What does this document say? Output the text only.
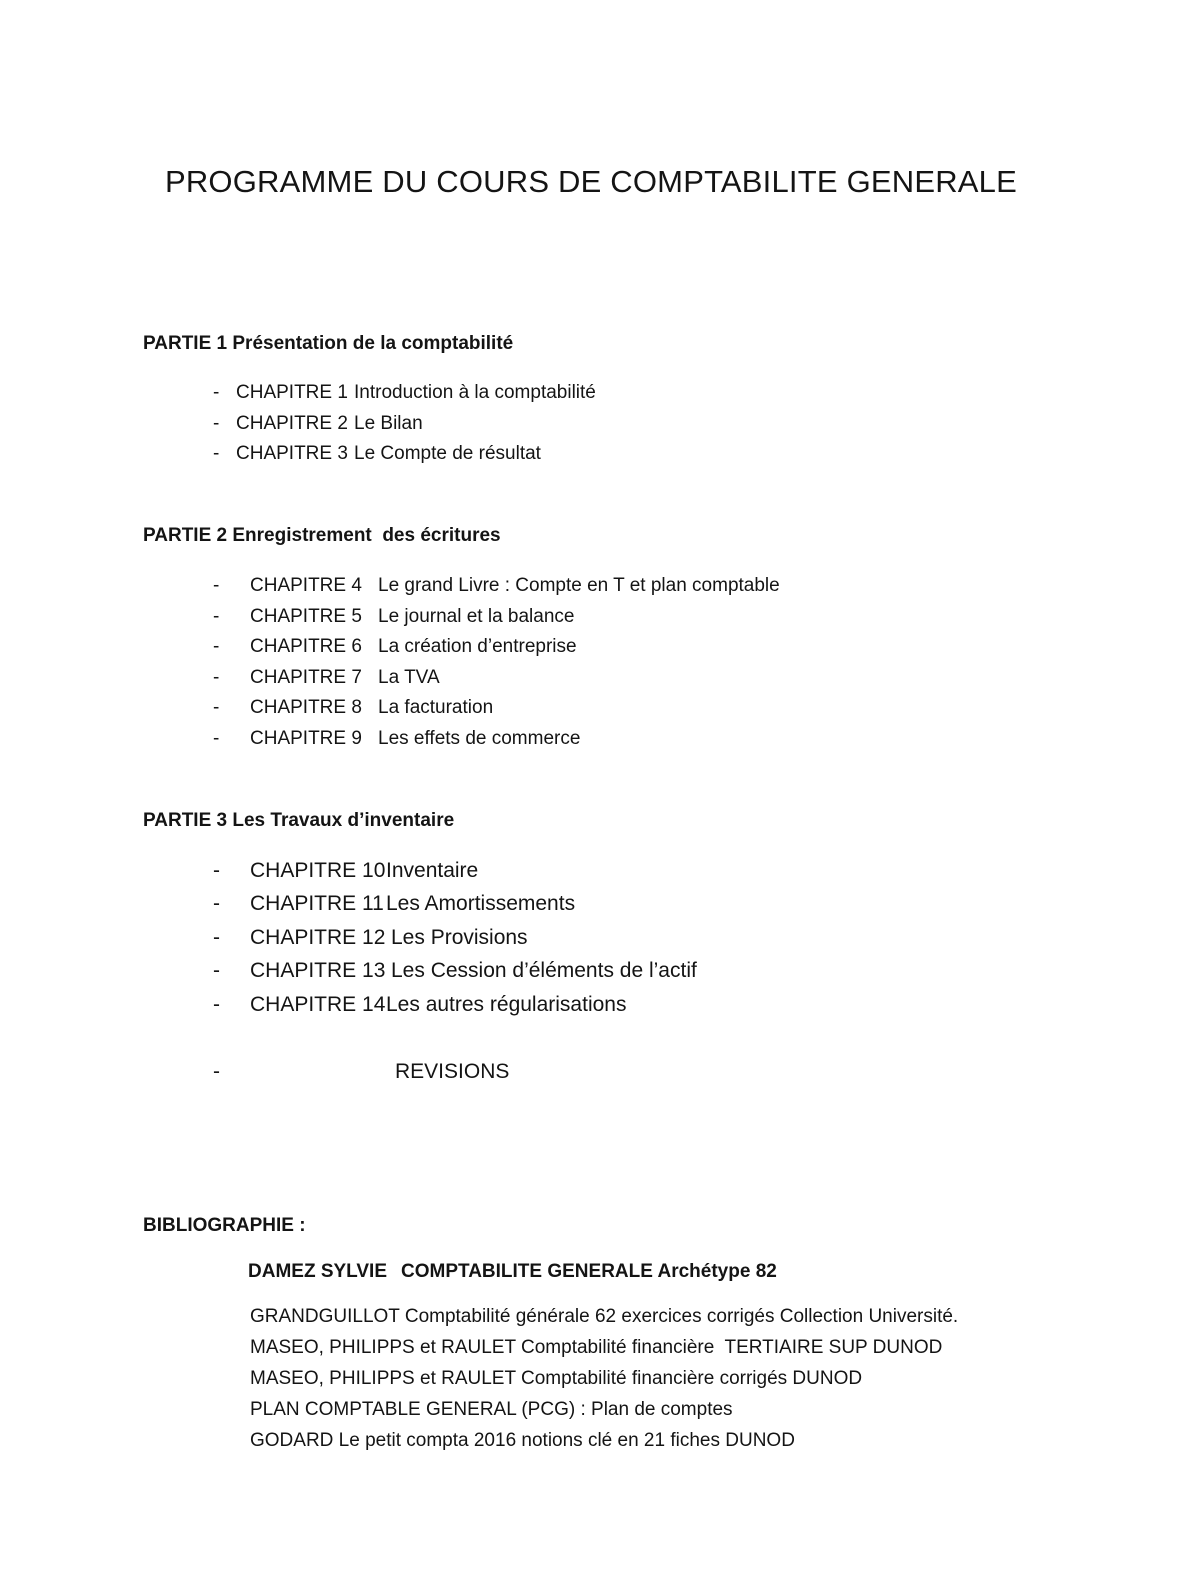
PROGRAMME DU COURS DE COMPTABILITE GENERALE
PARTIE 1 Présentation de la comptabilité
- CHAPITRE 1 Introduction à la comptabilité
- CHAPITRE 2 Le Bilan
- CHAPITRE 3 Le Compte de résultat
PARTIE 2 Enregistrement  des écritures
- CHAPITRE 4 Le grand Livre : Compte en T et plan comptable
- CHAPITRE 5 Le journal et la balance
- CHAPITRE 6 La création d’entreprise
- CHAPITRE 7 La TVA
- CHAPITRE 8 La facturation
- CHAPITRE 9 Les effets de commerce
PARTIE 3 Les Travaux d’inventaire
- CHAPITRE 10 Inventaire
- CHAPITRE 11 Les Amortissements
- CHAPITRE 12 Les Provisions
- CHAPITRE 13 Les Cession d’éléments de l’actif
- CHAPITRE 14 Les autres régularisations
-	REVISIONS
BIBLIOGRAPHIE :
DAMEZ SYLVIE COMPTABILITE GENERALE Archétype 82
GRANDGUILLOT Comptabilité générale 62 exercices corrigés Collection Université.
MASEO, PHILIPPS et RAULET Comptabilité financière  TERTIAIRE SUP DUNOD
MASEO, PHILIPPS et RAULET Comptabilité financière corrigés DUNOD
PLAN COMPTABLE GENERAL (PCG) : Plan de comptes
GODARD Le petit compta 2016 notions clé en 21 fiches DUNOD
